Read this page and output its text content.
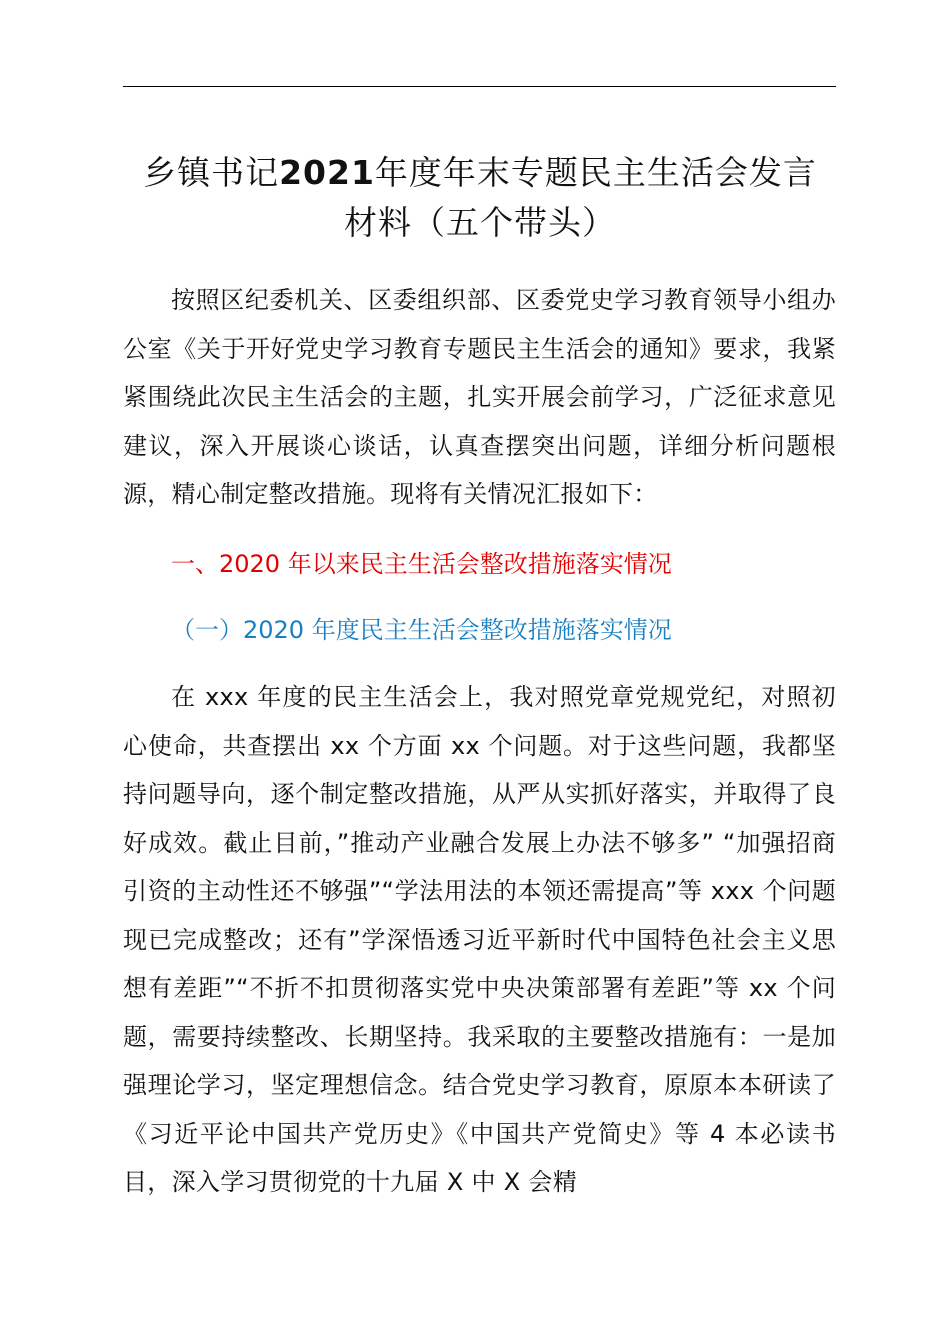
乡镇书记2021年度年末专题民主生活会发言
材料（五个带头）

按照区纪委机关、区委组织部、区委党史学习教育领导小组办公室《关于开好党史学习教育专题民主生活会的通知》要求，我紧紧围绕此次民主生活会的主题，扎实开展会前学习，广泛征求意见建议，深入开展谈心谈话，认真查摆突出问题，详细分析问题根源，精心制定整改措施。现将有关情况汇报如下：

一、2020 年以来民主生活会整改措施落实情况
（一）2020 年度民主生活会整改措施落实情况

在 xxx 年度的民主生活会上，我对照党章党规党纪，对照初心使命，共查摆出 xx 个方面 xx 个问题。对于这些问题，我都坚持问题导向，逐个制定整改措施，从严从实抓好落实，并取得了良好成效。截止目前，”推动产业融合发展上办法不够多” “加强招商引资的主动性还不够强”“学法用法的本领还需提高”等 xxx 个问题现已完成整改；还有”学深悟透习近平新时代中国特色社会主义思想有差距”“不折不扣贯彻落实党中央决策部署有差距”等 xx 个问题，需要持续整改、长期坚持。我采取的主要整改措施有：一是加强理论学习，坚定理想信念。结合党史学习教育，原原本本研读了《习近平论中国共产党历史》《中国共产党简史》等 4 本必读书目，深入学习贯彻党的十九届 X 中 X 会精
